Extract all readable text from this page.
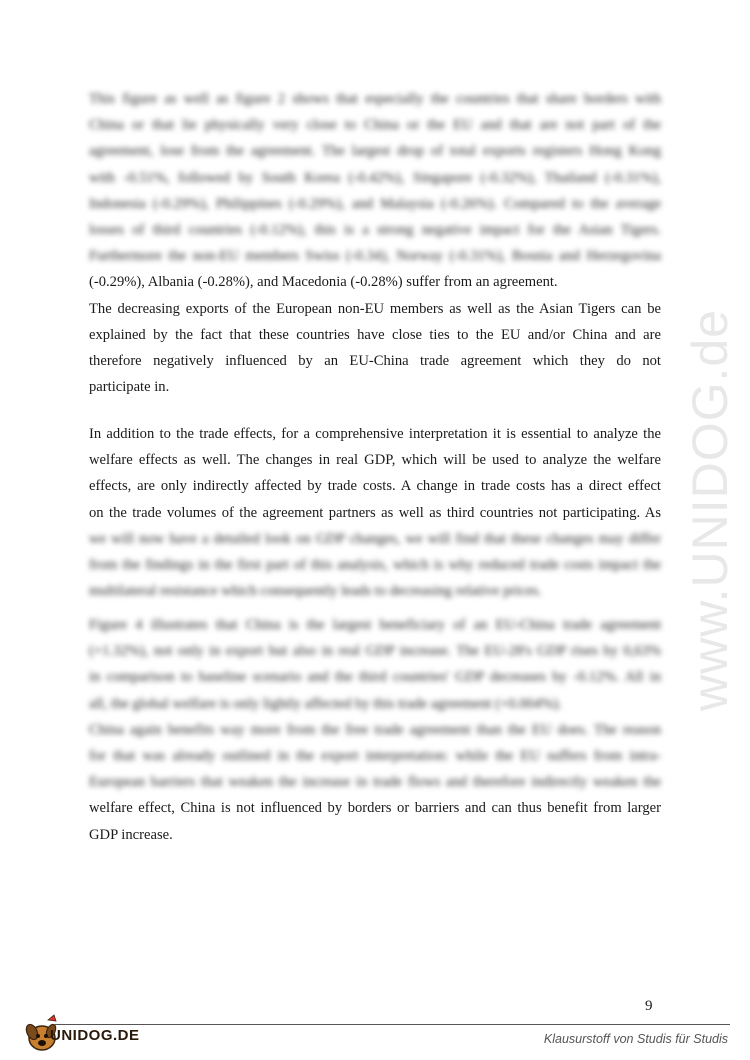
www.UNIDOG.de
This figure as well as figure 2 shows that especially the countries that share borders with
China or that lie physically very close to China or the EU and that are not part of the
agreement, lose from the agreement. The largest drop of total exports registers Hong Kong
with -0.51%, followed by South Korea (-0.42%), Singapore (-0.32%), Thailand (-0.31%),
Indonesia (-0.29%), Philippines (-0.29%), and Malaysia (-0.26%). Compared to the average
losses of third countries (-0.12%), this is a strong negative impact for the Asian Tigers.
Furthermore the non-EU members Swiss (-0.34), Norway (-0.31%), Bosnia and Herzegovina
(-0.29%), Albania (-0.28%), and Macedonia (-0.28%) suffer from an agreement.
The decreasing exports of the European non-EU members as well as the Asian Tigers can be
explained by the fact that these countries have close ties to the EU and/or China and are
therefore negatively influenced by an EU-China trade agreement which they do not
participate in.
In addition to the trade effects, for a comprehensive interpretation it is essential to analyze the
welfare effects as well. The changes in real GDP, which will be used to analyze the welfare
effects, are only indirectly affected by trade costs. A change in trade costs has a direct effect
on the trade volumes of the agreement partners as well as third countries not participating. As
we will now have a detailed look on GDP changes, we will find that these changes may differ
from the findings in the first part of this analysis, which is why reduced trade costs impact the
multilateral resistance which consequently leads to decreasing relative prices.
Figure 4 illustrates that China is the largest beneficiary of an EU-China trade agreement
(+1.32%), not only in export but also in real GDP increase. The EU-28's GDP rises by 0,63%
in comparison to baseline scenario and the third countries' GDP decreases by -0.12%. All in
all, the global welfare is only lightly affected by this trade agreement (+0.004%).
China again benefits way more from the free trade agreement than the EU does. The reason
for that was already outlined in the export interpretation: while the EU suffers from intra-
European barriers that weaken the increase in trade flows and therefore indirectly weaken the
welfare effect, China is not influenced by borders or barriers and can thus benefit from larger
GDP increase.
9
UNIDOG.DE	Klausurstoff von Studis für Studis
